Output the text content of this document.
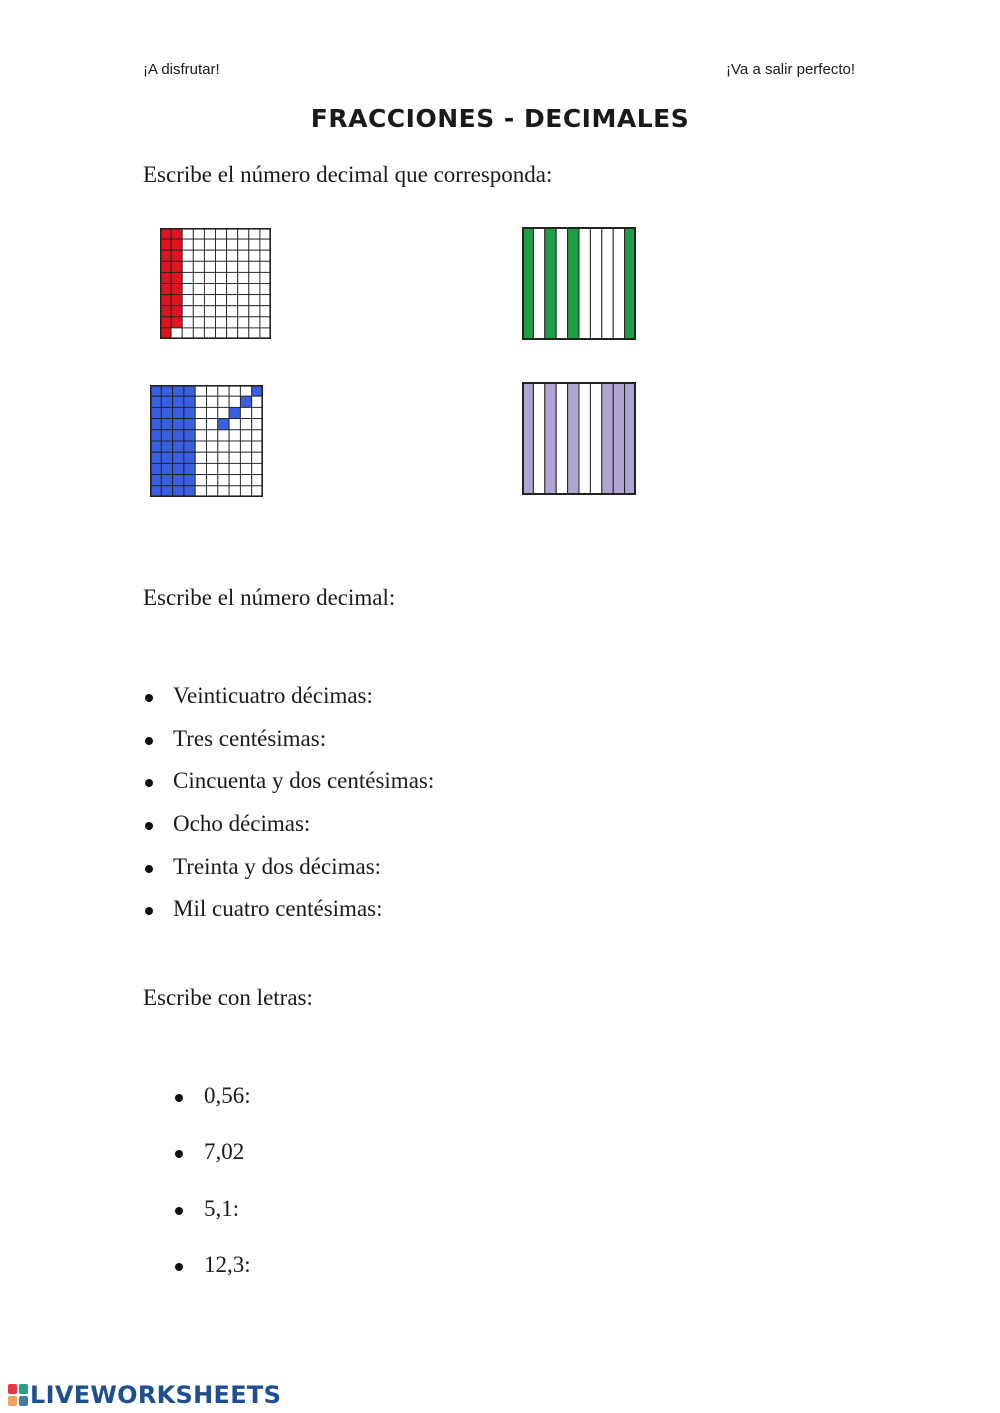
¡A disfrutar!	¡Va a salir perfecto!
FRACCIONES - DECIMALES
Escribe el número decimal que corresponda:
Escribe el número decimal:
Veinticuatro décimas:
Tres centésimas:
Cincuenta y dos centésimas:
Ocho décimas:
Treinta y dos décimas:
Mil cuatro centésimas:
Escribe con letras:
0,56:
7,02
5,1:
12,3:
LIVEWORKSHEETS
